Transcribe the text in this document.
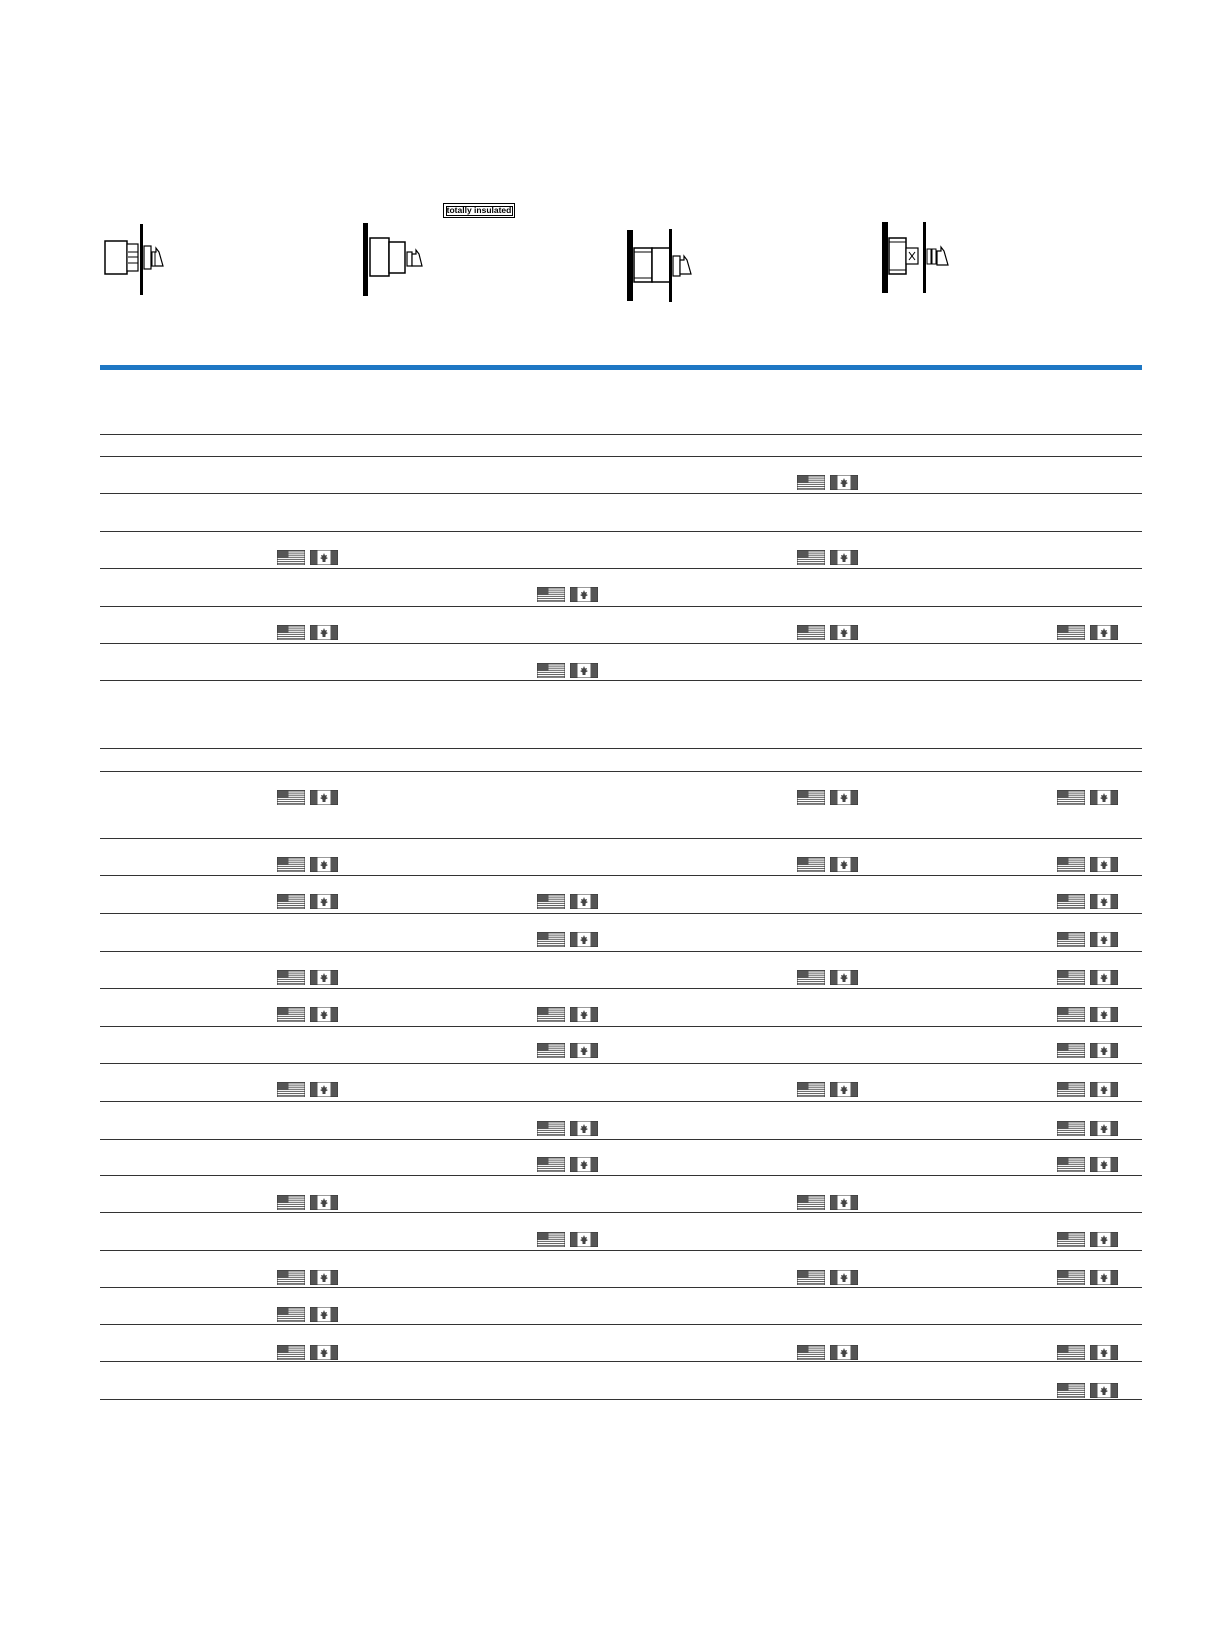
totally insulated
